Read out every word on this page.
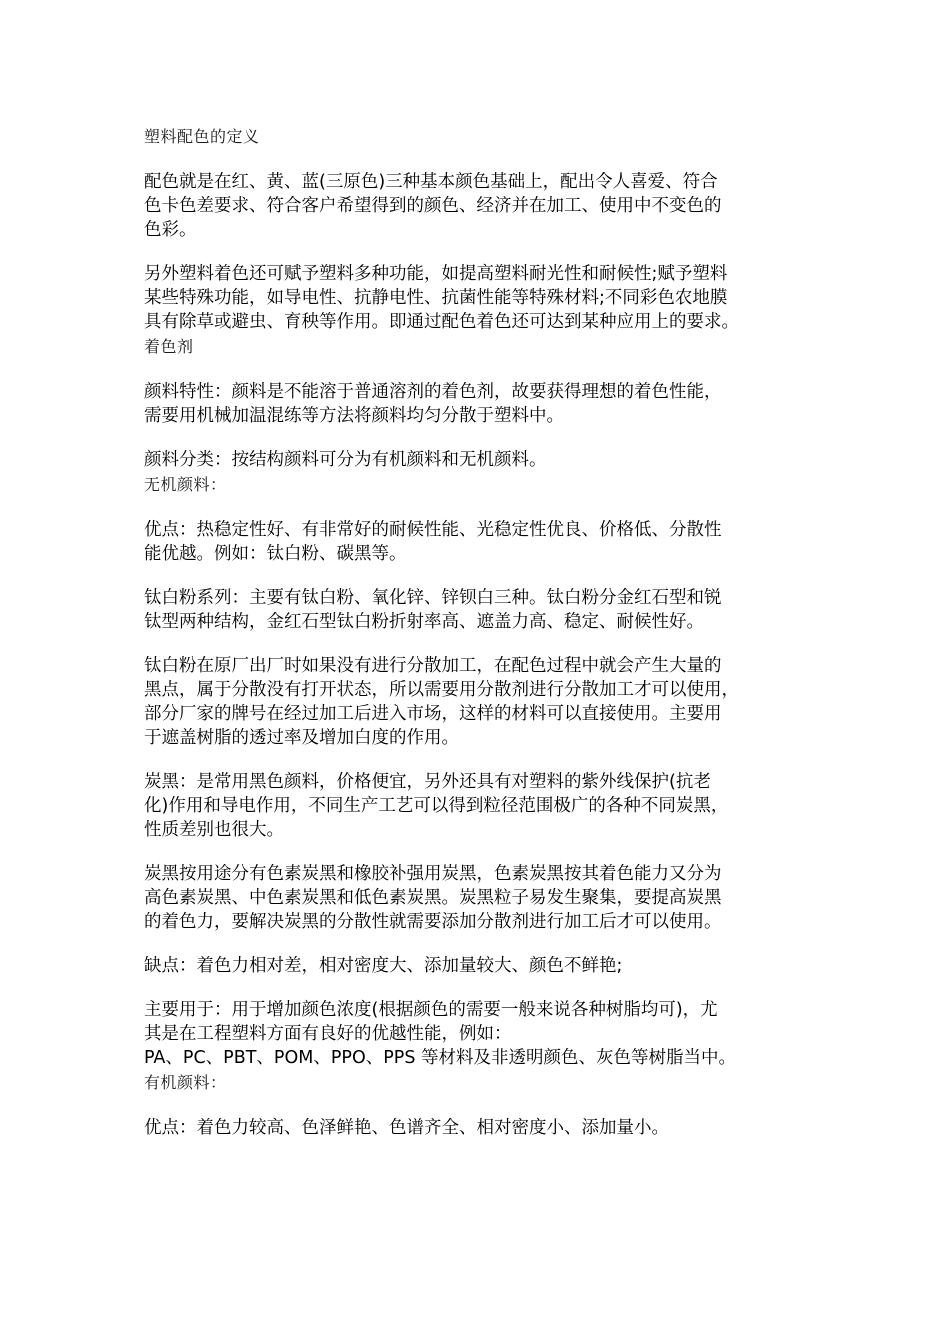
塑料配色的定义

配色就是在红、黄、蓝(三原色)三种基本颜色基础上，配出令人喜爱、符合
色卡色差要求、符合客户希望得到的颜色、经济并在加工、使用中不变色的
色彩。

另外塑料着色还可赋予塑料多种功能，如提高塑料耐光性和耐候性;赋予塑料
某些特殊功能，如导电性、抗静电性、抗菌性能等特殊材料;不同彩色农地膜
具有除草或避虫、育秧等作用。即通过配色着色还可达到某种应用上的要求。

着色剂

颜料特性：颜料是不能溶于普通溶剂的着色剂，故要获得理想的着色性能，
需要用机械加温混练等方法将颜料均匀分散于塑料中。

颜料分类：按结构颜料可分为有机颜料和无机颜料。

无机颜料：

优点：热稳定性好、有非常好的耐候性能、光稳定性优良、价格低、分散性
能优越。例如：钛白粉、碳黑等。

钛白粉系列：主要有钛白粉、氧化锌、锌钡白三种。钛白粉分金红石型和锐
钛型两种结构，金红石型钛白粉折射率高、遮盖力高、稳定、耐候性好。

钛白粉在原厂出厂时如果没有进行分散加工，在配色过程中就会产生大量的
黑点，属于分散没有打开状态，所以需要用分散剂进行分散加工才可以使用，
部分厂家的牌号在经过加工后进入市场，这样的材料可以直接使用。主要用
于遮盖树脂的透过率及增加白度的作用。

炭黑：是常用黑色颜料，价格便宜，另外还具有对塑料的紫外线保护(抗老
化)作用和导电作用，不同生产工艺可以得到粒径范围极广的各种不同炭黑，
性质差别也很大。

炭黑按用途分有色素炭黑和橡胶补强用炭黑，色素炭黑按其着色能力又分为
高色素炭黑、中色素炭黑和低色素炭黑。炭黑粒子易发生聚集，要提高炭黑
的着色力，要解决炭黑的分散性就需要添加分散剂进行加工后才可以使用。

缺点：着色力相对差，相对密度大、添加量较大、颜色不鲜艳;

主要用于：用于增加颜色浓度(根据颜色的需要一般来说各种树脂均可)，尤
其是在工程塑料方面有良好的优越性能，例如：
PA、PC、PBT、POM、PPO、PPS 等材料及非透明颜色、灰色等树脂当中。

有机颜料：

优点：着色力较高、色泽鲜艳、色谱齐全、相对密度小、添加量小。
